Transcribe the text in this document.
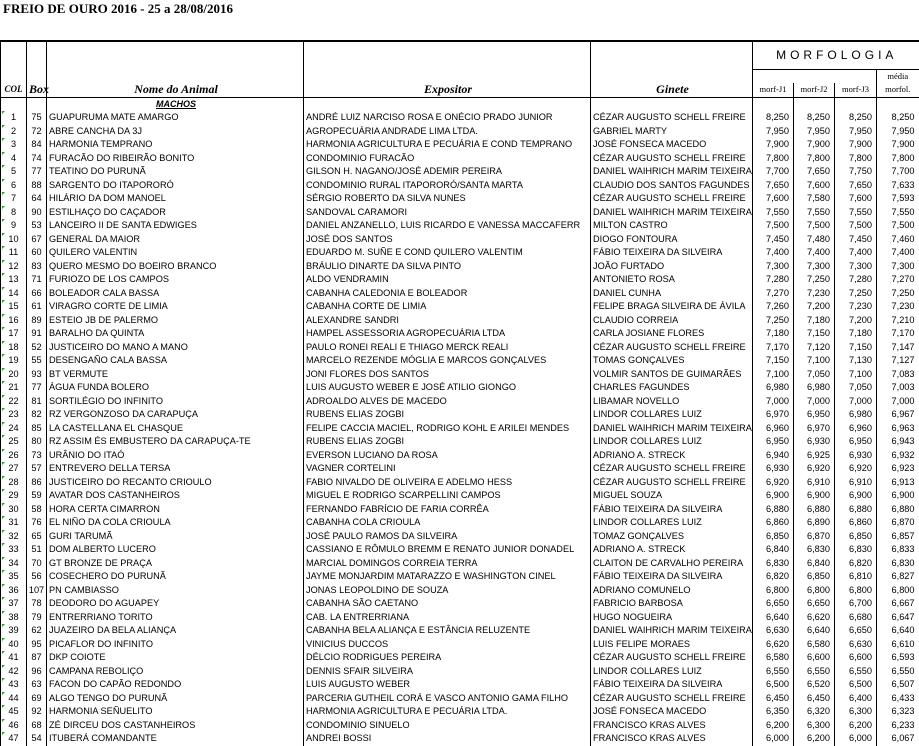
FREIO DE OURO 2016 - 25 a 28/08/2016
					MORFOLOGIA			

								média
COL	Box	Nome do Animal	Expositor	Ginete	morf-J1	morf-J2	morf-J3	morfol.
		MACHOS						
1	75	GUAPURUMA MATE AMARGO	ANDRÉ LUIZ NARCISO ROSA E ONÉCIO PRADO JUNIOR	CÉZAR AUGUSTO SCHELL FREIRE	8,250	8,250	8,250	8,250
2	72	ABRE CANCHA DA 3J	AGROPECUÁRIA ANDRADE LIMA LTDA.	GABRIEL MARTY	7,950	7,950	7,950	7,950
3	84	HARMONIA TEMPRANO	HARMONIA AGRICULTURA E PECUÁRIA E COND TEMPRANO	JOSÉ FONSECA MACEDO	7,900	7,900	7,900	7,900
4	74	FURACÃO DO RIBEIRÃO BONITO	CONDOMINIO FURACÃO	CÉZAR AUGUSTO SCHELL FREIRE	7,800	7,800	7,800	7,800
5	77	TEATINO DO PURUNÃ	GILSON H. NAGANO/JOSÉ ADEMIR PEREIRA	DANIEL WAIHRICH MARIM TEIXEIRA	7,700	7,650	7,750	7,700
6	88	SARGENTO DO ITAPORORÓ	CONDOMINIO RURAL ITAPORORÓ/SANTA MARTA	CLAUDIO DOS SANTOS FAGUNDES	7,650	7,600	7,650	7,633
7	64	HILÁRIO DA DOM MANOEL	SÉRGIO ROBERTO DA SILVA NUNES	CÉZAR AUGUSTO SCHELL FREIRE	7,600	7,580	7,600	7,593
8	90	ESTILHAÇO DO CAÇADOR	SANDOVAL CARAMORI	DANIEL WAIHRICH MARIM TEIXEIRA	7,550	7,550	7,550	7,550
9	53	LANCEIRO II DE SANTA EDWIGES	DANIEL ANZANELLO, LUIS RICARDO E VANESSA MACCAFERR	MILTON CASTRO	7,500	7,500	7,500	7,500
10	67	GENERAL DA MAIOR	JOSÉ DOS SANTOS	DIOGO FONTOURA	7,450	7,480	7,450	7,460
11	60	QUILERO VALENTIN	EDUARDO M. SUÑE E COND QUILERO VALENTIM	FÁBIO TEIXEIRA DA SILVEIRA	7,400	7,400	7,400	7,400
12	83	QUERO MESMO DO BOEIRO BRANCO	BRÁULIO DINARTE DA SILVA PINTO	JOÃO FURTADO	7,300	7,300	7,300	7,300
13	71	FURIOZO DE LOS CAMPOS	ALDO VENDRAMIN	ANTONIETO ROSA	7,280	7,250	7,280	7,270
14	66	BOLEADOR CALA BASSA	CABANHA CALEDONIA E BOLEADOR	DANIEL CUNHA	7,270	7,230	7,250	7,250
15	61	VIRAGRO CORTE DE LIMIA	CABANHA CORTE DE LIMIA	FELIPE BRAGA SILVEIRA DE ÁVILA	7,260	7,200	7,230	7,230
16	89	ESTEIO JB DE PALERMO	ALEXANDRE SANDRI	CLAUDIO CORREIA	7,250	7,180	7,200	7,210
17	91	BARALHO DA QUINTA	HAMPEL ASSESSORIA AGROPECUÁRIA LTDA	CARLA JOSIANE FLORES	7,180	7,150	7,180	7,170
18	52	JUSTICEIRO DO MANO A MANO	PAULO RONEI REALI E THIAGO MERCK REALI	CÉZAR AUGUSTO SCHELL FREIRE	7,170	7,120	7,150	7,147
19	55	DESENGAÑO CALA BASSA	MARCELO REZENDE MÓGLIA E MARCOS GONÇALVES	TOMAS GONÇALVES	7,150	7,100	7,130	7,127
20	93	BT VERMUTE	JONI FLORES DOS SANTOS	VOLMIR SANTOS DE GUIMARÃES	7,100	7,050	7,100	7,083
21	77	ÁGUA FUNDA BOLERO	LUIS AUGUSTO WEBER E JOSÉ ATILIO GIONGO	CHARLES FAGUNDES	6,980	6,980	7,050	7,003
22	81	SORTILÉGIO DO INFINITO	ADROALDO ALVES DE MACEDO	LIBAMAR NOVELLO	7,000	7,000	7,000	7,000
23	82	RZ VERGONZOSO DA CARAPUÇA	RUBENS ELIAS ZOGBI	LINDOR COLLARES LUIZ	6,970	6,950	6,980	6,967
24	85	LA CASTELLANA EL CHASQUE	FELIPE CACCIA MACIEL, RODRIGO KOHL E ARILEI MENDES	DANIEL WAIHRICH MARIM TEIXEIRA	6,960	6,970	6,960	6,963
25	80	RZ ASSIM ÉS EMBUSTERO DA CARAPUÇA-TE	RUBENS ELIAS ZOGBI	LINDOR COLLARES LUIZ	6,950	6,930	6,950	6,943
26	73	URÂNIO DO ITAÓ	EVERSON LUCIANO DA ROSA	ADRIANO A. STRECK	6,940	6,925	6,930	6,932
27	57	ENTREVERO DELLA TERSA	VAGNER CORTELINI	CÉZAR AUGUSTO SCHELL FREIRE	6,930	6,920	6,920	6,923
28	86	JUSTICEIRO DO RECANTO CRIOULO	FABIO NIVALDO DE OLIVEIRA E ADELMO HESS	CÉZAR AUGUSTO SCHELL FREIRE	6,920	6,910	6,910	6,913
29	59	AVATAR DOS CASTANHEIROS	MIGUEL E RODRIGO SCARPELLINI CAMPOS	MIGUEL SOUZA	6,900	6,900	6,900	6,900
30	58	HORA CERTA CIMARRON	FERNANDO FABRÍCIO DE FARIA CORRÊA	FÁBIO TEIXEIRA DA SILVEIRA	6,880	6,880	6,880	6,880
31	76	EL NIÑO DA COLA CRIOULA	CABANHA COLA CRIOULA	LINDOR COLLARES LUIZ	6,860	6,890	6,860	6,870
32	65	GURI TARUMÃ	JOSÉ PAULO RAMOS DA SILVEIRA	TOMAZ GONÇALVES	6,850	6,870	6,850	6,857
33	51	DOM ALBERTO LUCERO	CASSIANO E RÔMULO BREMM E RENATO JUNIOR DONADEL	ADRIANO A. STRECK	6,840	6,830	6,830	6,833
34	70	GT BRONZE DE PRAÇA	MARCIAL DOMINGOS CORREIA TERRA	CLAITON DE CARVALHO PEREIRA	6,830	6,840	6,820	6,830
35	56	COSECHERO DO PURUNÃ	JAYME MONJARDIM MATARAZZO E WASHINGTON CINEL	FÁBIO TEIXEIRA DA SILVEIRA	6,820	6,850	6,810	6,827
36	107	PN CAMBIASSO	JONAS LEOPOLDINO DE SOUZA	ADRIANO COMUNELO	6,800	6,800	6,800	6,800
37	78	DEODORO DO AGUAPEY	CABANHA SÃO CAETANO	FABRICIO BARBOSA	6,650	6,650	6,700	6,667
38	79	ENTRERRIANO TORITO	CAB. LA ENTRERRIANA	HUGO NOGUEIRA	6,640	6,620	6,680	6,647
39	62	JUAZEIRO DA BELA ALIANÇA	CABANHA BELA ALIANÇA E ESTÂNCIA RELUZENTE	DANIEL WAIHRICH MARIM TEIXEIRA	6,630	6,640	6,650	6,640
40	95	PICAFLOR DO INFINITO	VINICIUS DUCCOS	LUIS FELIPE MORAES	6,620	6,580	6,630	6,610
41	87	DKP COIOTE	DÉLCIO RODRIGUES PEREIRA	CÉZAR AUGUSTO SCHELL FREIRE	6,580	6,600	6,600	6,593
42	96	CAMPANA REBOLIÇO	DENNIS SFAIR SILVEIRA	LINDOR COLLARES LUIZ	6,550	6,550	6,550	6,550
43	63	FACON DO CAPÃO REDONDO	LUIS AUGUSTO WEBER	FÁBIO TEIXEIRA DA SILVEIRA	6,500	6,520	6,500	6,507
44	69	ALGO TENGO DO PURUNÃ	PARCERIA GUTHEIL CORÁ E VASCO ANTONIO GAMA FILHO	CÉZAR AUGUSTO SCHELL FREIRE	6,450	6,450	6,400	6,433
45	92	HARMONIA SEÑUELITO	HARMONIA AGRICULTURA E PECUÁRIA LTDA.	JOSÉ FONSECA MACEDO	6,350	6,320	6,300	6,323
46	68	ZÉ DIRCEU DOS CASTANHEIROS	CONDOMINIO SINUELO	FRANCISCO KRAS ALVES	6,200	6,300	6,200	6,233
47	54	ITUBERÁ COMANDANTE	ANDREI BOSSI	FRANCISCO KRAS ALVES	6,000	6,200	6,000	6,067
